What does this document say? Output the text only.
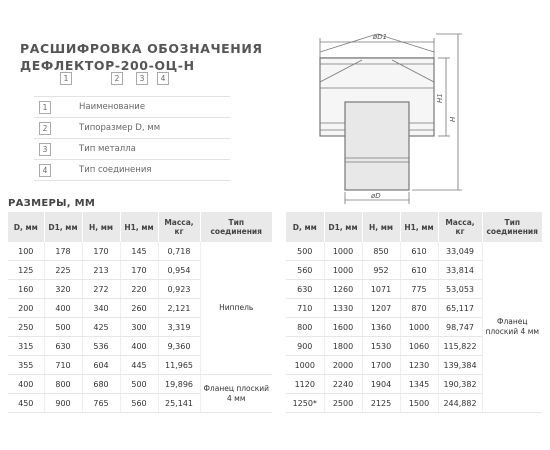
РАСШИФРОВКА ОБОЗНАЧЕНИЯ
ДЕФЛЕКТОР-200-ОЦ-Н
1	2	3	4
1	Наименование
2	Типоразмер D, мм
3	Тип металла
4	Тип соединения
øD1
H1
H
øD
РАЗМЕРЫ, ММ
D, мм	D1, мм	H, мм	H1, мм	Масса, кг	Тип соединения
100	178	170	145	0,718	Ниппель
125	225	213	170	0,954	
160	320	272	220	0,923	
200	400	340	260	2,121	
250	500	425	300	3,319	
315	630	536	400	9,360	
355	710	604	445	11,965	
400	800	680	500	19,896	Фланец плоский 4 мм
450	900	765	560	25,141	
D, мм	D1, мм	H, мм	H1, мм	Масса, кг	Тип соединения
500	1000	850	610	33,049	Фланец плоский 4 мм
560	1000	952	610	33,814	
630	1260	1071	775	53,053	
710	1330	1207	870	65,117	
800	1600	1360	1000	98,747	
900	1800	1530	1060	115,822	
1000	2000	1700	1230	139,384	
1120	2240	1904	1345	190,382	
1250*	2500	2125	1500	244,882	
